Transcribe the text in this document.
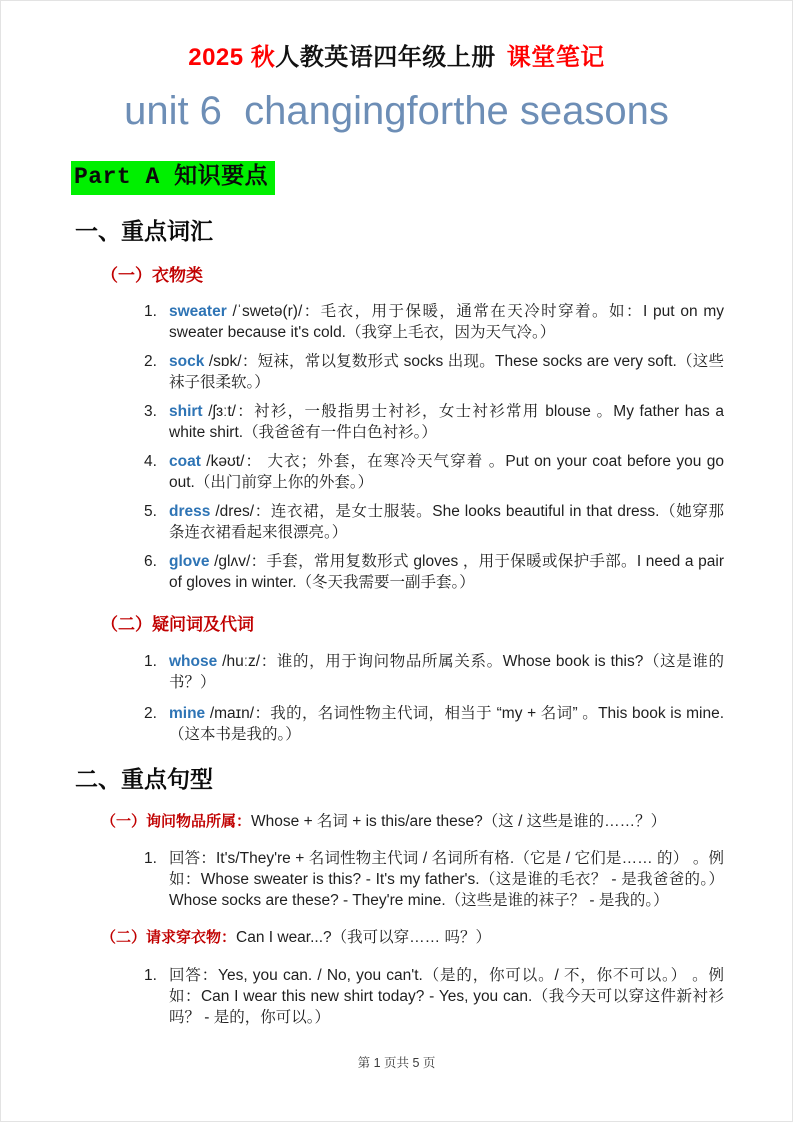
2025 秋人教英语四年级上册 课堂笔记
unit 6  changingforthe seasons
Part A 知识要点
一、重点词汇
（一）衣物类
1. sweater /ˈswetə(r)/：毛衣，用于保暖，通常在天冷时穿着。如：I put on my sweater because it's cold.（我穿上毛衣，因为天气冷。）
2. sock /sɒk/：短袜，常以复数形式 socks 出现。These socks are very soft.（这些袜子很柔软。）
3. shirt /ʃɜːt/：衬衫，一般指男士衬衫，女士衬衫常用 blouse 。My father has a white shirt.（我爸爸有一件白色衬衫。）
4. coat /kəʊt/： 大衣；外套，在寒冷天气穿着 。Put on your coat before you go out.（出门前穿上你的外套。）
5. dress /dres/：连衣裙，是女士服装。She looks beautiful in that dress.（她穿那条连衣裙看起来很漂亮。）
6. glove /glʌv/：手套，常用复数形式 gloves ，用于保暖或保护手部。I need a pair of gloves in winter.（冬天我需要一副手套。）
（二）疑问词及代词
1. whose /huːz/：谁的，用于询问物品所属关系。Whose book is this?（这是谁的书？）
2. mine /maɪn/：我的，名词性物主代词，相当于 “my + 名词” 。This book is mine.（这本书是我的。）
二、重点句型
（一）询问物品所属：Whose + 名词 + is this/are these?（这 / 这些是谁的……？）
1. 回答：It's/They're + 名词性物主代词 / 名词所有格.（它是 / 它们是…… 的） 。例如：Whose sweater is this? - It's my father's.（这是谁的毛衣？ - 是我爸爸的。）Whose socks are these? - They're mine.（这些是谁的袜子？ - 是我的。）
（二）请求穿衣物：Can I wear...?（我可以穿…… 吗？）
1. 回答：Yes, you can. / No, you can't.（是的，你可以。/ 不，你不可以。） 。例如：Can I wear this new shirt today? - Yes, you can.（我今天可以穿这件新衬衫吗？ - 是的，你可以。）
第 1 页共 5 页
